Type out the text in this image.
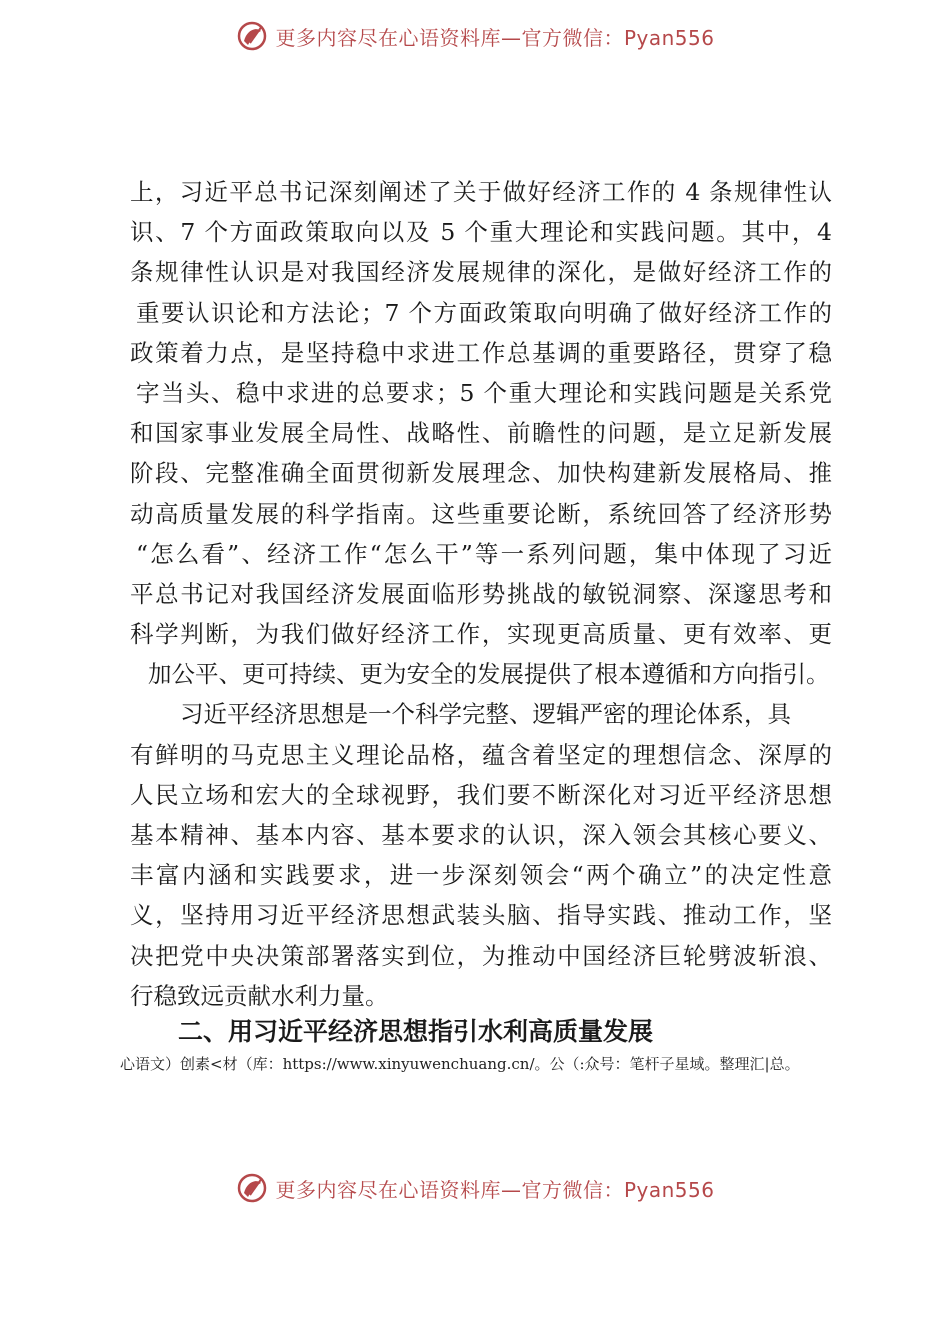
更多内容尽在心语资料库—官方微信：Pyan556
上，习近平总书记深刻阐述了关于做好经济工作的 4 条规律性认
识、7 个方面政策取向以及 5 个重大理论和实践问题。其中，4
条规律性认识是对我国经济发展规律的深化，是做好经济工作的
重要认识论和方法论；7 个方面政策取向明确了做好经济工作的
政策着力点，是坚持稳中求进工作总基调的重要路径，贯穿了稳
字当头、稳中求进的总要求；5 个重大理论和实践问题是关系党
和国家事业发展全局性、战略性、前瞻性的问题，是立足新发展
阶段、完整准确全面贯彻新发展理念、加快构建新发展格局、推
动高质量发展的科学指南。这些重要论断，系统回答了经济形势
“怎么看”、经济工作“怎么干”等一系列问题，集中体现了习近
平总书记对我国经济发展面临形势挑战的敏锐洞察、深邃思考和
科学判断，为我们做好经济工作，实现更高质量、更有效率、更
加公平、更可持续、更为安全的发展提供了根本遵循和方向指引。
习近平经济思想是一个科学完整、逻辑严密的理论体系，具
有鲜明的马克思主义理论品格，蕴含着坚定的理想信念、深厚的
人民立场和宏大的全球视野，我们要不断深化对习近平经济思想
基本精神、基本内容、基本要求的认识，深入领会其核心要义、
丰富内涵和实践要求，进一步深刻领会“两个确立”的决定性意
义，坚持用习近平经济思想武装头脑、指导实践、推动工作，坚
决把党中央决策部署落实到位，为推动中国经济巨轮劈波斩浪、
行稳致远贡献水利力量。
二、用习近平经济思想指引水利高质量发展
心语文）创素<材（库：https://www.xinyuwenchuang.cn/。公（:众号：笔杆子星域。整理汇|总。
更多内容尽在心语资料库—官方微信：Pyan556
